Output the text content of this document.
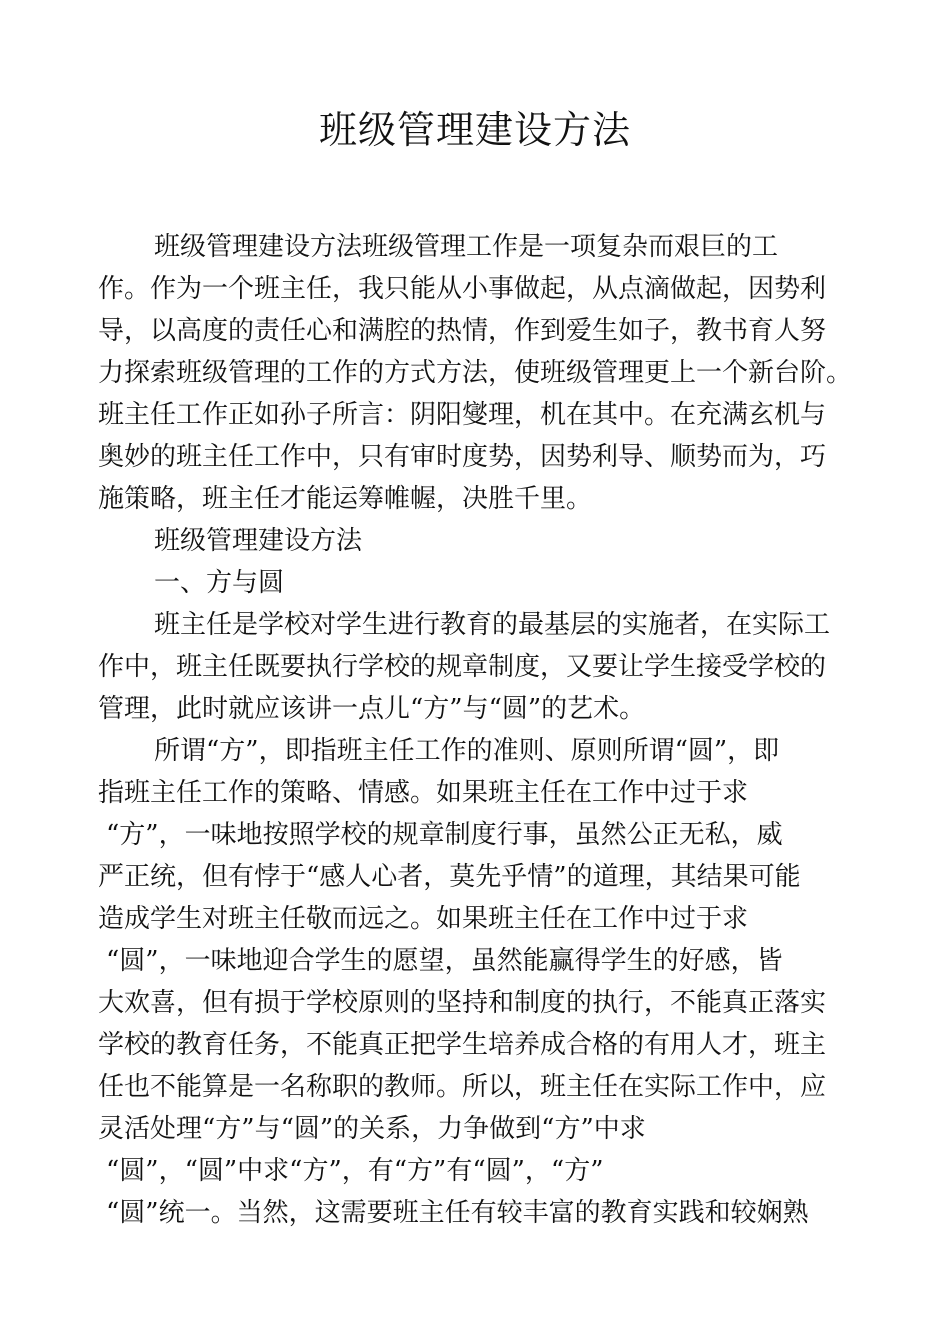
班级管理建设方法
班级管理建设方法班级管理工作是一项复杂而艰巨的工
作。作为一个班主任，我只能从小事做起，从点滴做起，因势利
导，以高度的责任心和满腔的热情，作到爱生如子，教书育人努
力探索班级管理的工作的方式方法，使班级管理更上一个新台阶。
班主任工作正如孙子所言：阴阳燮理，机在其中。在充满玄机与
奥妙的班主任工作中，只有审时度势，因势利导、顺势而为，巧
施策略，班主任才能运筹帷幄，决胜千里。
班级管理建设方法
一、方与圆
班主任是学校对学生进行教育的最基层的实施者，在实际工
作中，班主任既要执行学校的规章制度，又要让学生接受学校的
管理，此时就应该讲一点儿“方”与“圆”的艺术。
所谓“方”，即指班主任工作的准则、原则所谓“圆”，即
指班主任工作的策略、情感。如果班主任在工作中过于求
“方”，一味地按照学校的规章制度行事，虽然公正无私，威
严正统，但有悖于“感人心者，莫先乎情”的道理，其结果可能
造成学生对班主任敬而远之。如果班主任在工作中过于求
“圆”，一味地迎合学生的愿望，虽然能赢得学生的好感，皆
大欢喜，但有损于学校原则的坚持和制度的执行，不能真正落实
学校的教育任务，不能真正把学生培养成合格的有用人才，班主
任也不能算是一名称职的教师。所以，班主任在实际工作中，应
灵活处理“方”与“圆”的关系，力争做到“方”中求
“圆”，“圆”中求“方”，有“方”有“圆”，“方”
“圆”统一。当然，这需要班主任有较丰富的教育实践和较娴熟
